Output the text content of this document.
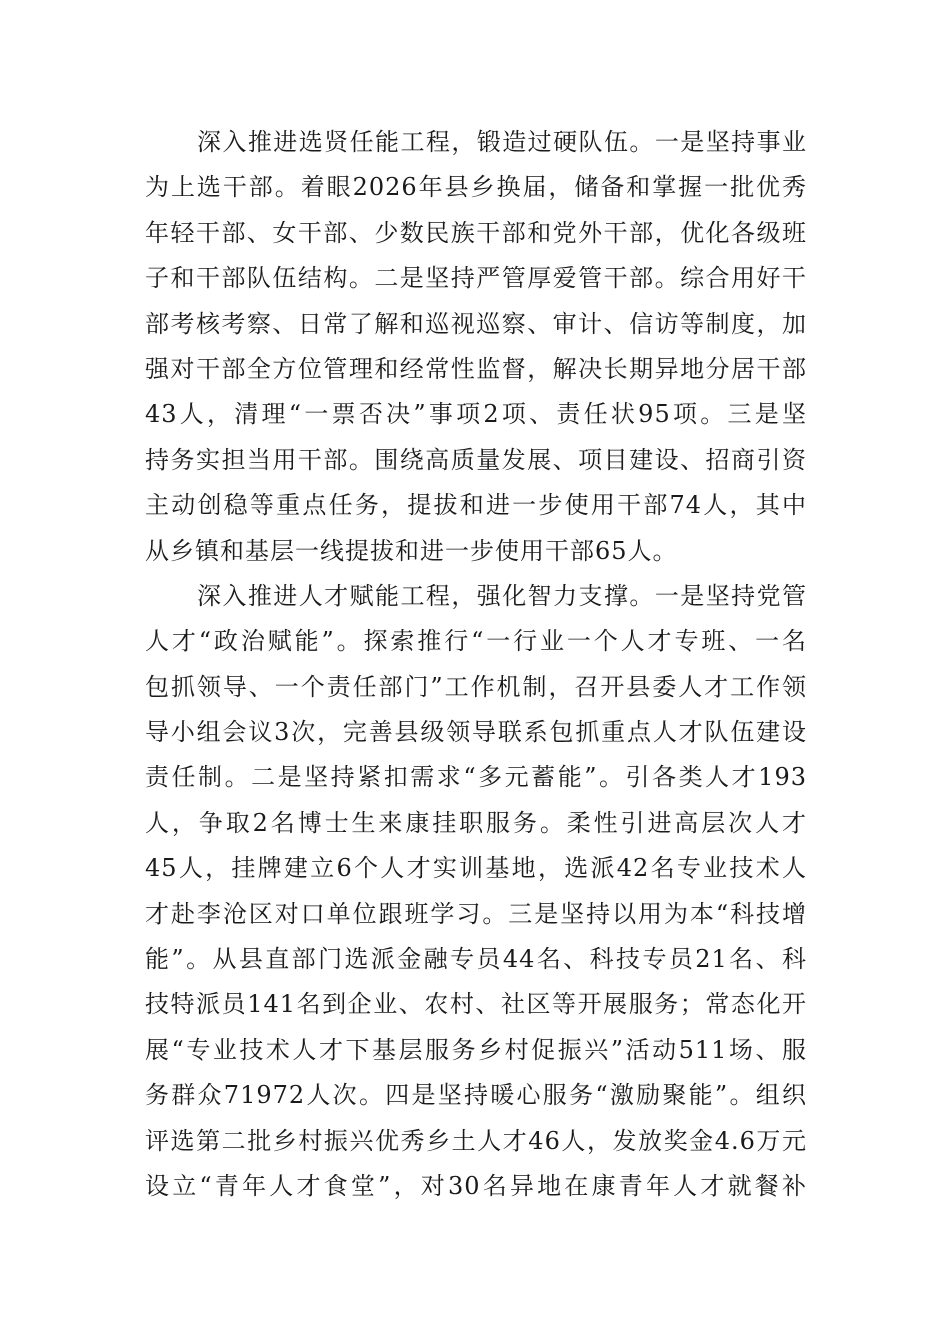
深入推进选贤任能工程，锻造过硬队伍。一是坚持事业
为上选干部。着眼2026年县乡换届，储备和掌握一批优秀
年轻干部、女干部、少数民族干部和党外干部，优化各级班
子和干部队伍结构。二是坚持严管厚爱管干部。综合用好干
部考核考察、日常了解和巡视巡察、审计、信访等制度，加
强对干部全方位管理和经常性监督，解决长期异地分居干部
43人，清理“一票否决”事项2项、责任状95项。三是坚
持务实担当用干部。围绕高质量发展、项目建设、招商引资
主动创稳等重点任务，提拔和进一步使用干部74人，其中
从乡镇和基层一线提拔和进一步使用干部65人。
深入推进人才赋能工程，强化智力支撑。一是坚持党管
人才“政治赋能”。探索推行“一行业一个人才专班、一名
包抓领导、一个责任部门”工作机制，召开县委人才工作领
导小组会议3次，完善县级领导联系包抓重点人才队伍建设
责任制。二是坚持紧扣需求“多元蓄能”。引各类人才193
人，争取2名博士生来康挂职服务。柔性引进高层次人才
45人，挂牌建立6个人才实训基地，选派42名专业技术人
才赴李沧区对口单位跟班学习。三是坚持以用为本“科技增
能”。从县直部门选派金融专员44名、科技专员21名、科
技特派员141名到企业、农村、社区等开展服务；常态化开
展“专业技术人才下基层服务乡村促振兴”活动511场、服
务群众71972人次。四是坚持暖心服务“激励聚能”。组织
评选第二批乡村振兴优秀乡土人才46人，发放奖金4.6万元
设立“青年人才食堂”，对30名异地在康青年人才就餐补
